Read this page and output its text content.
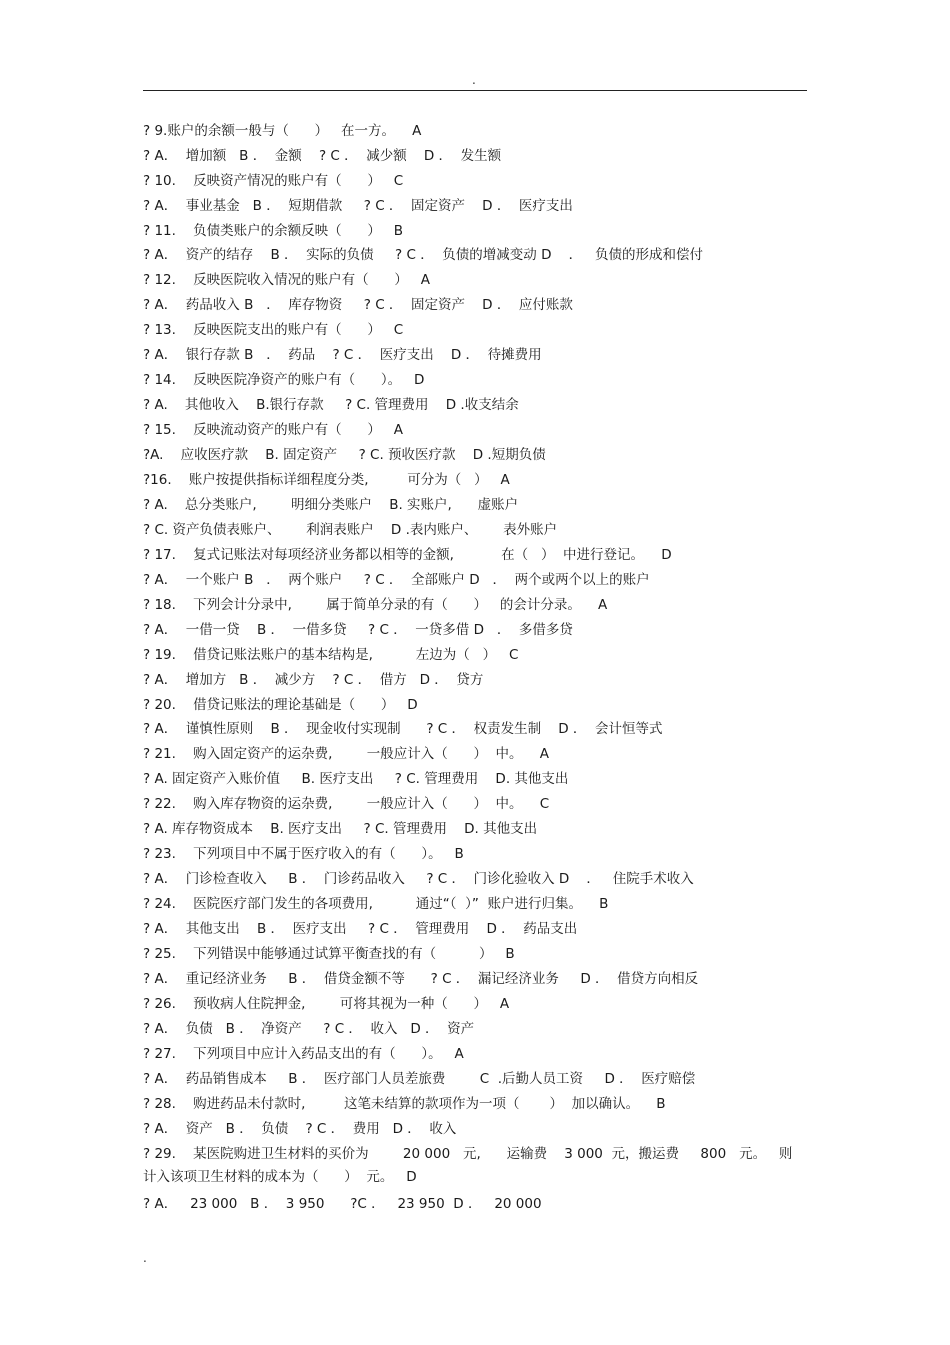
.
? 9.账户的余额一般与（      ）   在一方。    A
? A．  增加额   B ．  金额    ? C ．  减少额    D ．  发生额
? 10.    反映资产情况的账户有（      ）   C
? A．  事业基金   B ．  短期借款     ? C ．  固定资产    D ．  医疗支出
? 11.    负债类账户的余额反映（      ）   B
? A．  资产的结存    B ．  实际的负债     ? C ．  负债的增减变动 D    ．   负债的形成和偿付
? 12.    反映医院收入情况的账户有（      ）   A
? A．  药品收入 B   ．  库存物资     ? C ．  固定资产    D ．  应付账款
? 13.    反映医院支出的账户有（      ）   C
? A．  银行存款 B   ．  药品    ? C ．  医疗支出    D ．  待摊费用
? 14.    反映医院净资产的账户有（      ）。   D
? A.    其他收入    B.银行存款     ? C. 管理费用    D .收支结余
? 15.    反映流动资产的账户有（      ）   A
?A.    应收医疗款    B. 固定资产     ? C. 预收医疗款    D .短期负债
?16.    账户按提供指标详细程度分类,         可分为（   ）   A
? A.    总分类账户,        明细分类账户    B. 实账户,      虚账户
? C. 资产负债表账户、      利润表账户    D .表内账户、      表外账户
? 17.    复式记账法对每项经济业务都以相等的金额,           在（   ）  中进行登记。    D
? A．  一个账户 B   ．  两个账户     ? C ．  全部账户 D   ．  两个或两个以上的账户
? 18.    下列会计分录中,        属于简单分录的有（      ）   的会计分录。    A
? A．  一借一贷    B ．  一借多贷     ? C ．  一贷多借 D   ．  多借多贷
? 19.    借贷记账法账户的基本结构是,          左边为（   ）   C
? A．  增加方   B ．  减少方    ? C ．  借方   D ．  贷方
? 20.    借贷记账法的理论基础是（      ）   D
? A．  谨慎性原则    B ．  现金收付实现制      ? C ．  权责发生制    D ．  会计恒等式
? 21.    购入固定资产的运杂费,        一般应计入（      ）  中。    A
? A. 固定资产入账价值     B. 医疗支出     ? C. 管理费用    D. 其他支出
? 22.    购入库存物资的运杂费,        一般应计入（      ）  中。    C
? A. 库存物资成本    B. 医疗支出     ? C. 管理费用    D. 其他支出
? 23.    下列项目中不属于医疗收入的有（      ）。   B
? A．  门诊检查收入     B ．  门诊药品收入     ? C ．  门诊化验收入 D    ．   住院手术收入
? 24.    医院医疗部门发生的各项费用,          通过“（  ）”  账户进行归集。    B
? A．  其他支出    B ．  医疗支出     ? C ．  管理费用    D ．  药品支出
? 25.    下列错误中能够通过试算平衡查找的有（          ）   B
? A．  重记经济业务     B ．  借贷金额不等      ? C ．  漏记经济业务     D ．  借贷方向相反
? 26.    预收病人住院押金,        可将其视为一种（      ）   A
? A．  负债   B ．  净资产     ? C ．  收入   D ．  资产
? 27.    下列项目中应计入药品支出的有（      ）。   A
? A．  药品销售成本     B ．  医疗部门人员差旅费        C  .后勤人员工资     D ．  医疗赔偿
? 28.    购进药品未付款时,         这笔未结算的款项作为一项（       ）  加以确认。    B
? A．  资产   B ．  负债    ? C ．  费用   D ．  收入
? 29.    某医院购进卫生材料的买价为        20 000   元,      运输费    3 000  元，搬运费     800   元。   则
计入该项卫生材料的成本为（      ）  元。   D
? A．   23 000   B ．  3 950      ?C ．   23 950  D ．   20 000
.
